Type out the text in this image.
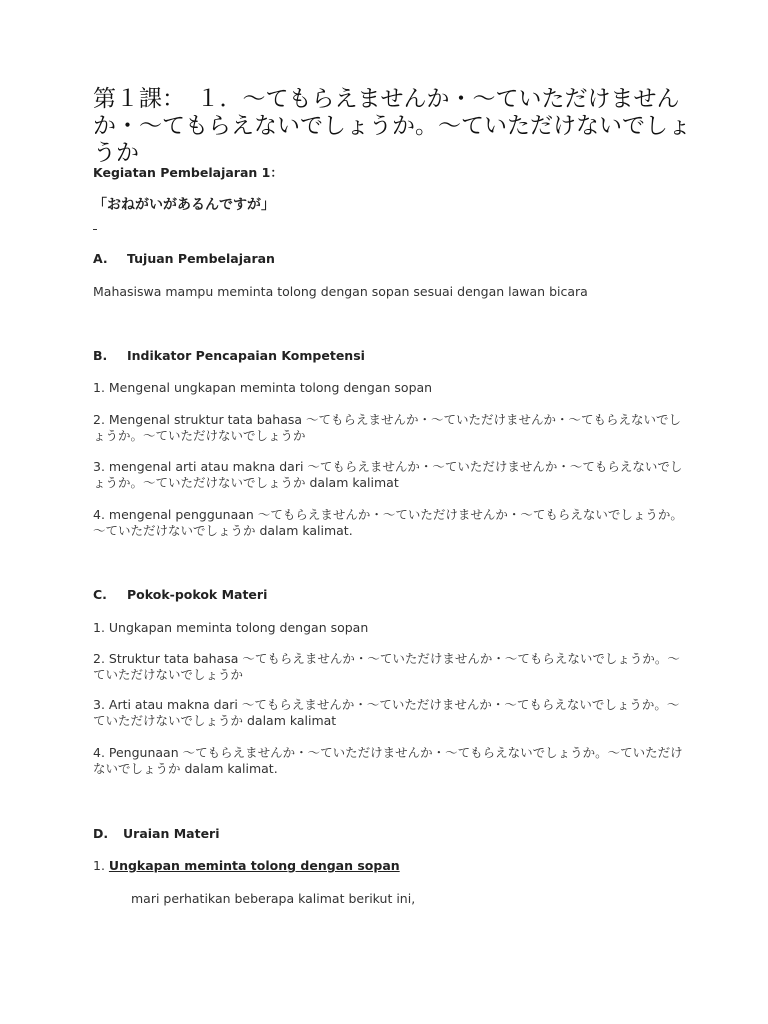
第１課：　１．～てもらえませんか・～ていただけませんか・～てもらえないでしょうか。～ていただけないでしょうか
Kegiatan Pembelajaran 1：
「おねがいがあるんですが」
A. Tujuan Pembelajaran
Mahasiswa mampu meminta tolong dengan sopan sesuai dengan lawan bicara
B. Indikator Pencapaian Kompetensi
1. Mengenal ungkapan meminta tolong dengan sopan
2. Mengenal struktur tata bahasa ～てもらえませんか・～ていただけませんか・～てもらえないでしょうか。～ていただけないでしょうか
3. mengenal arti atau makna dari ～てもらえませんか・～ていただけませんか・～てもらえないでしょうか。～ていただけないでしょうか dalam kalimat
4. mengenal penggunaan ～てもらえませんか・～ていただけませんか・～てもらえないでしょうか。～ていただけないでしょうか dalam kalimat.
C. Pokok-pokok Materi
1. Ungkapan meminta tolong dengan sopan
2. Struktur tata bahasa ～てもらえませんか・～ていただけませんか・～てもらえないでしょうか。～ていただけないでしょうか
3. Arti atau makna dari ～てもらえませんか・～ていただけませんか・～てもらえないでしょうか。～ていただけないでしょうか dalam kalimat
4. Pengunaan ～てもらえませんか・～ていただけませんか・～てもらえないでしょうか。～ていただけないでしょうか dalam kalimat.
D. Uraian Materi
1. Ungkapan meminta tolong dengan sopan
mari perhatikan beberapa kalimat berikut ini,
